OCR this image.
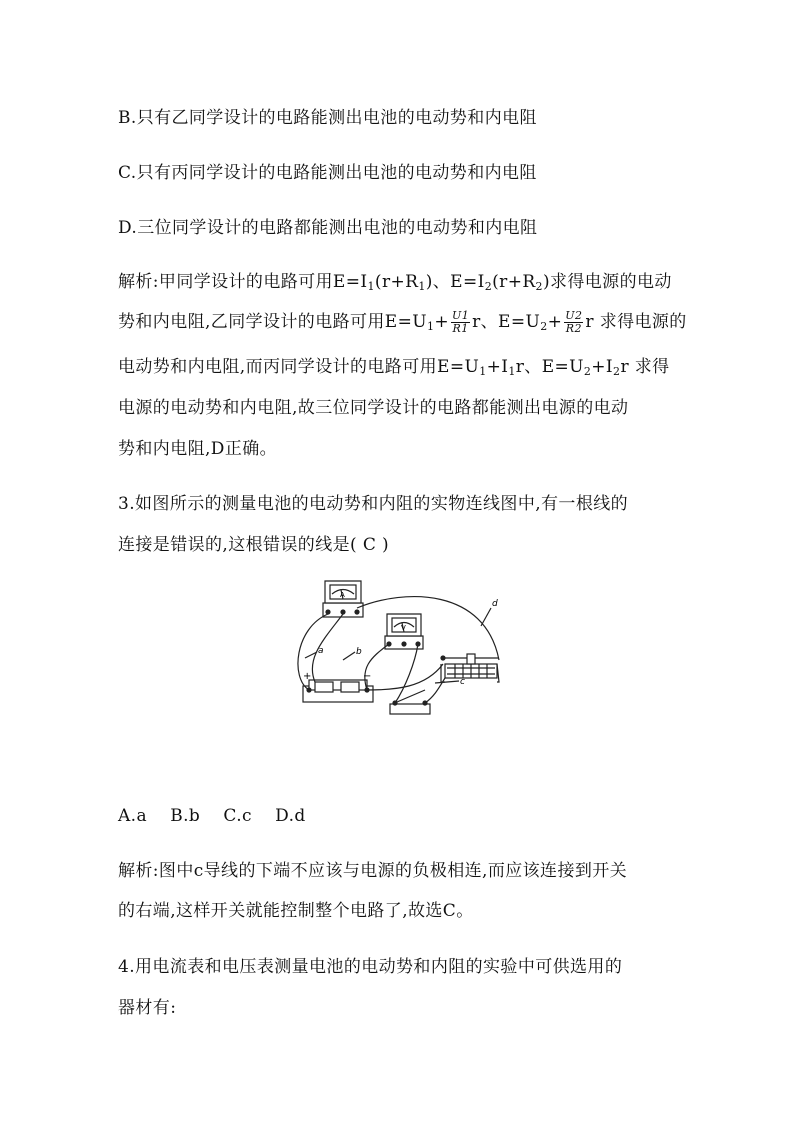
B.只有乙同学设计的电路能测出电池的电动势和内电阻
C.只有丙同学设计的电路能测出电池的电动势和内电阻
D.三位同学设计的电路都能测出电池的电动势和内电阻
解析:甲同学设计的电路可用$E=I_1(r+R_1)$、$E=I_2(r+R_2)$求得电源的电动
势和内电阻,乙同学设计的电路可用$E=U_1+ \frac{U1}{R1}$ r、$E=U_2+ \frac{U2}{R2}$ r 求得电源的
电动势和内电阻,而丙同学设计的电路可用$E=U_1+I_1r$、$E=U_2+I_2r$ 求得
电源的电动势和内电阻,故三位同学设计的电路都能测出电源的电动
势和内电阻,D正确。
3.如图所示的测量电池的电动势和内阻的实物连线图中,有一根线的
连接是错误的,这根错误的线是( C )
a	b
c
d
+	−
A
V
A.a    B.b    C.c    D.d
解析:图中c导线的下端不应该与电源的负极相连,而应该连接到开关
的右端,这样开关就能控制整个电路了,故选C。
4.用电流表和电压表测量电池的电动势和内阻的实验中可供选用的
器材有:
